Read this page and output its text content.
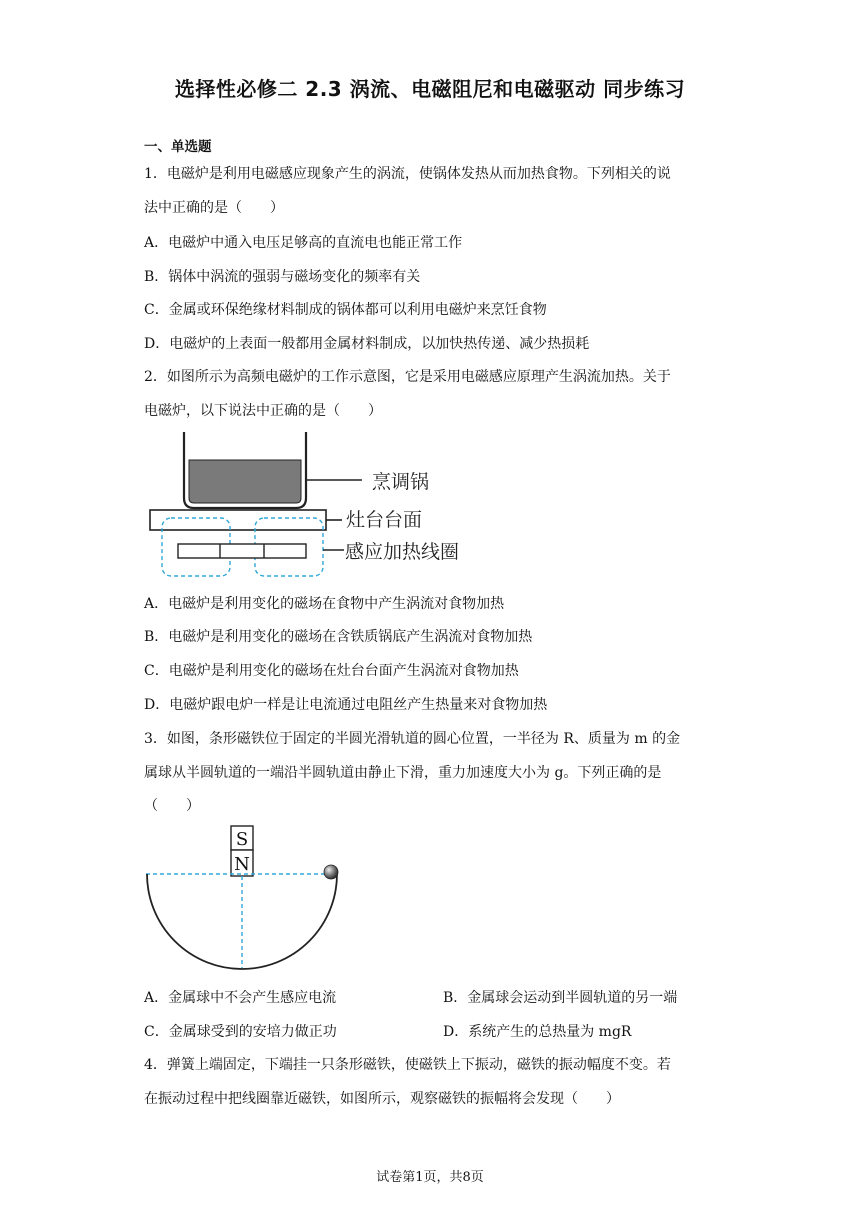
选择性必修二 2.3 涡流、电磁阻尼和电磁驱动 同步练习
一、单选题
1．电磁炉是利用电磁感应现象产生的涡流，使锅体发热从而加热食物。下列相关的说
法中正确的是（　　）
A．电磁炉中通入电压足够高的直流电也能正常工作
B．锅体中涡流的强弱与磁场变化的频率有关
C．金属或环保绝缘材料制成的锅体都可以利用电磁炉来烹饪食物
D．电磁炉的上表面一般都用金属材料制成，以加快热传递、减少热损耗
2．如图所示为高频电磁炉的工作示意图，它是采用电磁感应原理产生涡流加热。关于
电磁炉，以下说法中正确的是（　　）
烹调锅
灶台台面
感应加热线圈
A．电磁炉是利用变化的磁场在食物中产生涡流对食物加热
B．电磁炉是利用变化的磁场在含铁质锅底产生涡流对食物加热
C．电磁炉是利用变化的磁场在灶台台面产生涡流对食物加热
D．电磁炉跟电炉一样是让电流通过电阻丝产生热量来对食物加热
3．如图，条形磁铁位于固定的半圆光滑轨道的圆心位置，一半径为 R、质量为 m 的金
属球从半圆轨道的一端沿半圆轨道由静止下滑，重力加速度大小为 g。下列正确的是
（　　）
S
N
A．金属球中不会产生感应电流	B．金属球会运动到半圆轨道的另一端
C．金属球受到的安培力做正功	D．系统产生的总热量为 mgR
4．弹簧上端固定，下端挂一只条形磁铁，使磁铁上下振动，磁铁的振动幅度不变。若
在振动过程中把线圈靠近磁铁，如图所示，观察磁铁的振幅将会发现（　　）
试卷第1页，共8页
